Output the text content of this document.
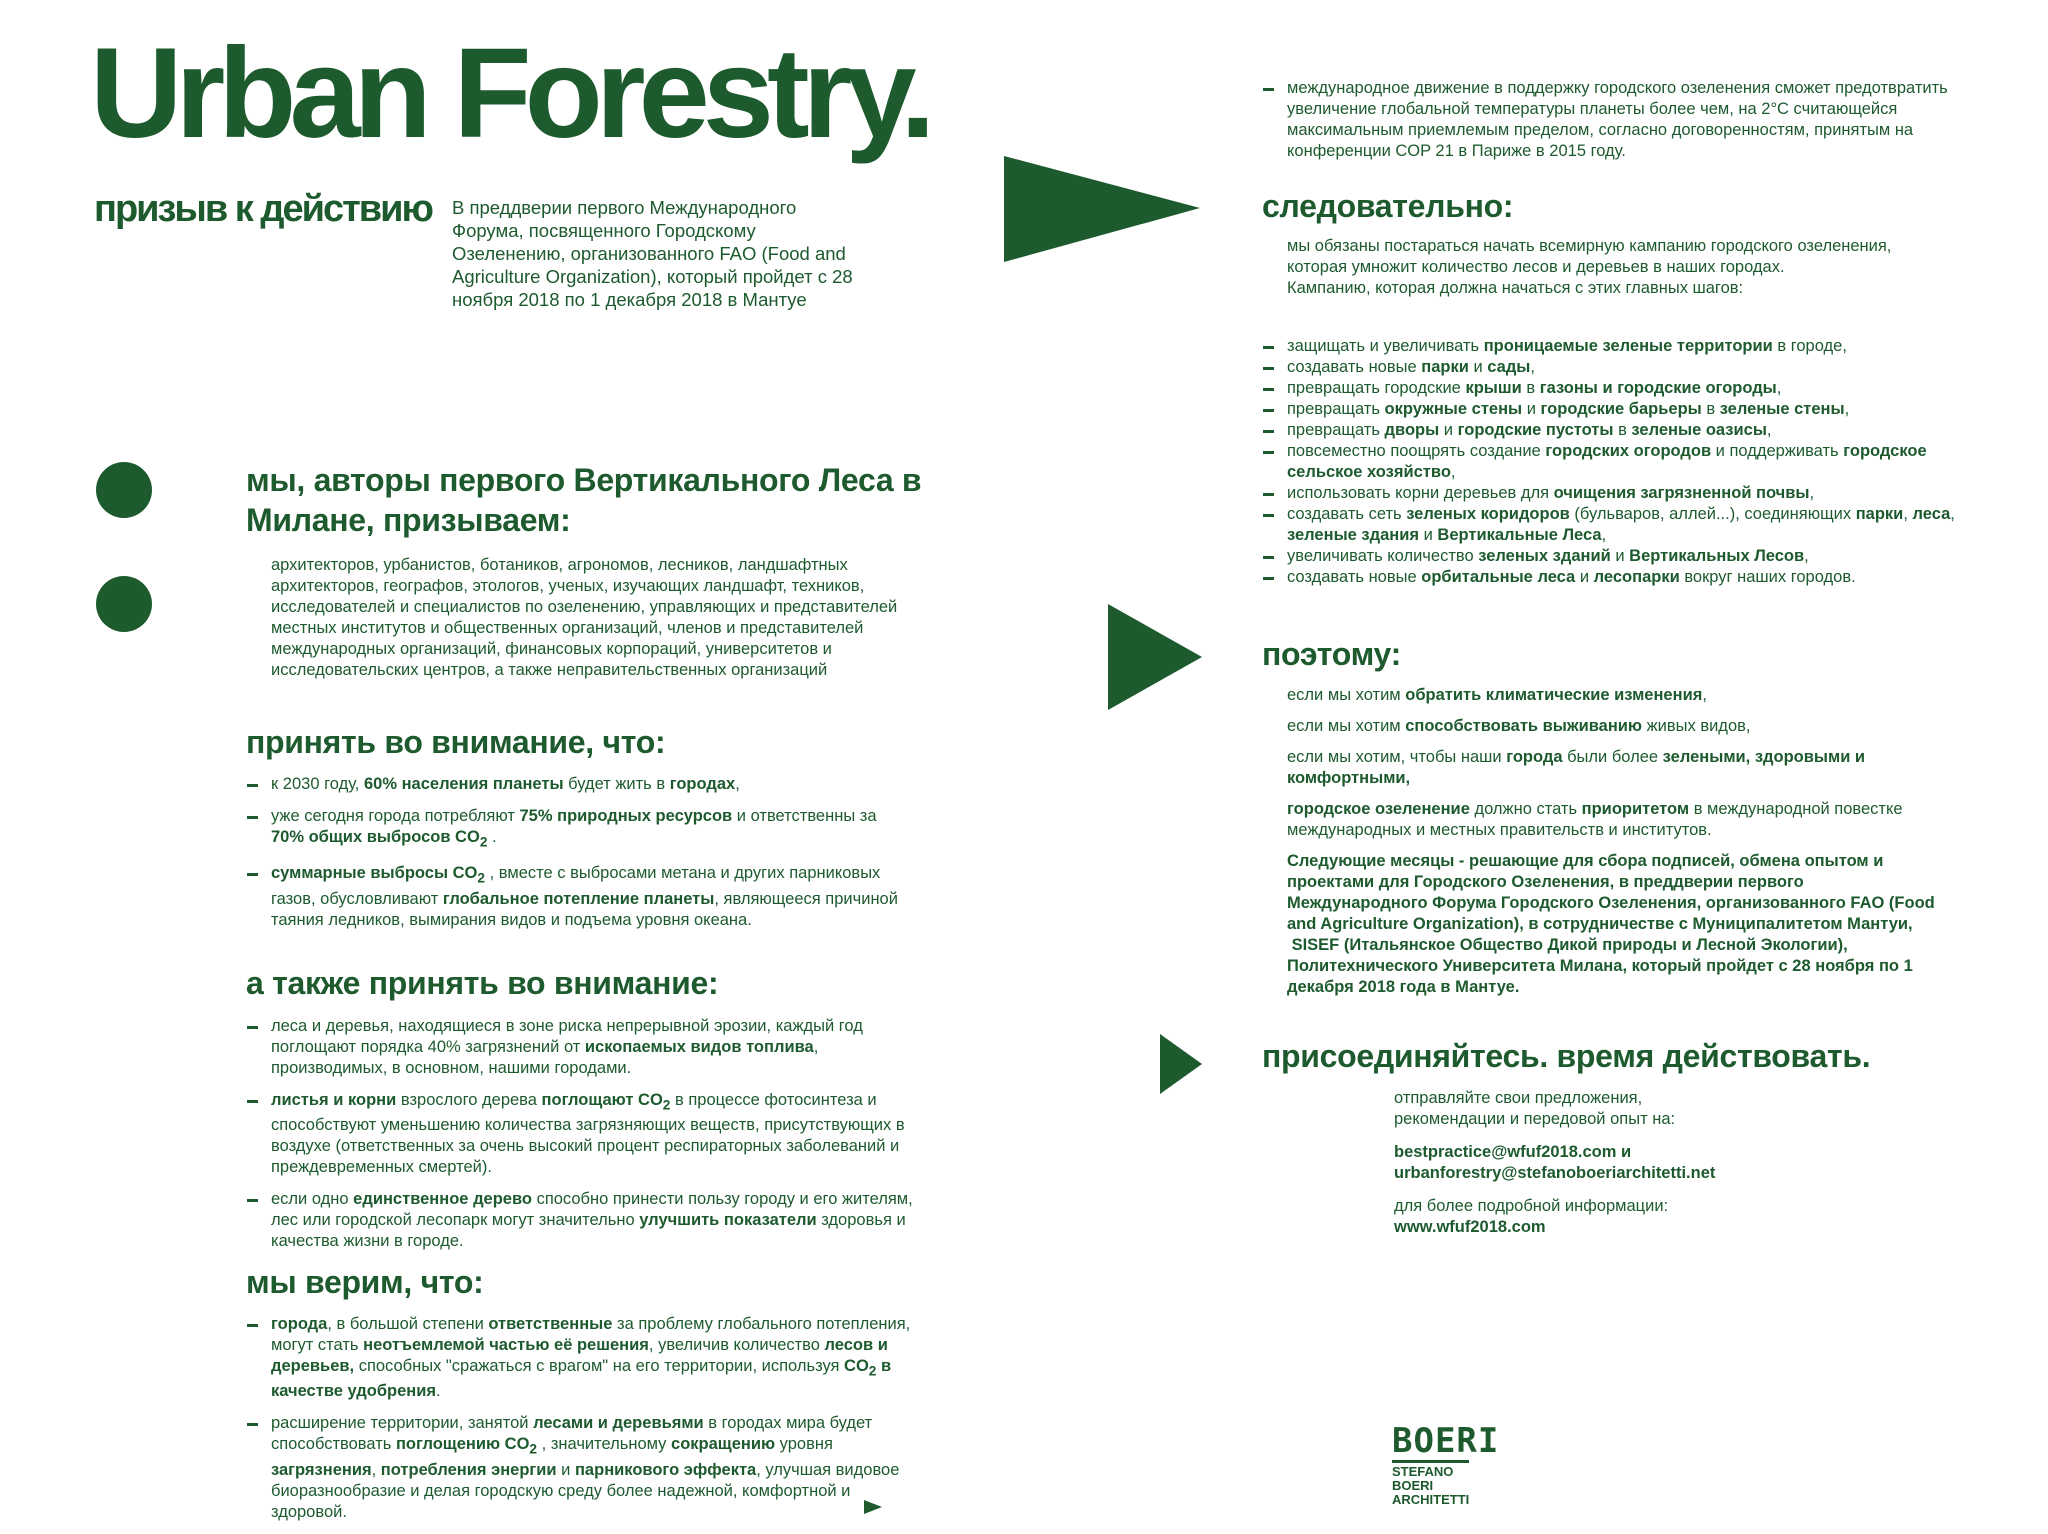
Urban Forestry.
призыв к действию В преддверии первого Международного Форума, посвященного Городскому Озеленению, организованного FAO (Food and Agriculture Organization), который пройдет с 28 ноября 2018 по 1 декабря 2018 в Мантуе
мы, авторы первого Вертикального Леса в Милане, призываем:
архитекторов, урбанистов, ботаников, агрономов, лесников, ландшафтных архитекторов, географов, этологов, ученых, изучающих ландшафт, техников, исследователей и специалистов по озеленению, управляющих и представителей местных институтов и общественных организаций, членов и представителей международных организаций, финансовых корпораций, университетов и исследовательских центров, а также неправительственных организаций
принять во внимание, что:
к 2030 году, 60% населения планеты будет жить в городах,
уже сегодня города потребляют 75% природных ресурсов и ответственны за 70% общих выбросов $CO_2$ .
суммарные выбросы $CO_2$ , вместе с выбросами метана и других парниковых газов, обусловливают глобальное потепление планеты, являющееся причиной таяния ледников, вымирания видов и подъема уровня океана.
а также принять во внимание:
леса и деревья, находящиеся в зоне риска непрерывной эрозии, каждый год поглощают порядка 40% загрязнений от ископаемых видов топлива, производимых, в основном, нашими городами.
листья и корни взрослого дерева поглощают $CO_2$ в процессе фотосинтеза и способствуют уменьшению количества загрязняющих веществ, присутствующих в воздухе (ответственных за очень высокий процент респираторных заболеваний и преждевременных смертей).
если одно единственное дерево способно принести пользу городу и его жителям, лес или городской лесопарк могут значительно улучшить показатели здоровья и качества жизни в городе.
мы верим, что:
города, в большой степени ответственные за проблему глобального потепления, могут стать неотъемлемой частью её решения, увеличив количество лесов и деревьев, способных "сражаться с врагом" на его территории, используя $CO_2$ в качестве удобрения.
расширение территории, занятой лесами и деревьями в городах мира будет способствовать поглощению $CO_2$ , значительному сокращению уровня загрязнения, потребления энергии и парникового эффекта, улучшая видовое биоразнообразие и делая городскую среду более надежной, комфортной и здоровой.
международное движение в поддержку городского озеленения сможет предотвратить увеличение глобальной температуры планеты более чем, на 2°C считающейся максимальным приемлемым пределом, согласно договоренностям, принятым на конференции COP 21 в Париже в 2015 году.
следовательно:
мы обязаны постараться начать всемирную кампанию городского озеленения, которая умножит количество лесов и деревьев в наших городах.
Кампанию, которая должна начаться с этих главных шагов:
защищать и увеличивать проницаемые зеленые территории в городе,
создавать новые парки и сады,
превращать городские крыши в газоны и городские огороды,
превращать окружные стены и городские барьеры в зеленые стены,
превращать дворы и городские пустоты в зеленые оазисы,
повсеместно поощрять создание городских огородов и поддерживать городское сельское хозяйство,
использовать корни деревьев для очищения загрязненной почвы,
создавать сеть зеленых коридоров (бульваров, аллей...), соединяющих парки, леса, зеленые здания и Вертикальные Леса,
увеличивать количество зеленых зданий и Вертикальных Лесов,
создавать новые орбитальные леса и лесопарки вокруг наших городов.
поэтому:

если мы хотим обратить климатические изменения,

если мы хотим способствовать выживанию живых видов,

если мы хотим, чтобы наши города были более зелеными, здоровыми и комфортными,

городское озеленение должно стать приоритетом в международной повестке международных и местных правительств и институтов.

Следующие месяцы - решающие для сбора подписей, обмена опытом и проектами для Городского Озеленения, в преддверии первого Международного Форума Городского Озеленения, организованного FAO (Food and Agriculture Organization), в сотрудничестве с Муниципалитетом Мантуи,
SISEF (Итальянское Общество Дикой природы и Лесной Экологии), Политехнического Университета Милана, который пройдет с 28 ноября по 1 декабря 2018 года в Мантуе.

присоединяйтесь. время действовать.
отправляйте свои предложения,
рекомендации и передовой опыт на:
bestpractice@wfuf2018.com и
urbanforestry@stefanoboeriarchitetti.net
для более подробной информации:
www.wfuf2018.com
BOERI
STEFANO
BOERI
ARCHITETTI
